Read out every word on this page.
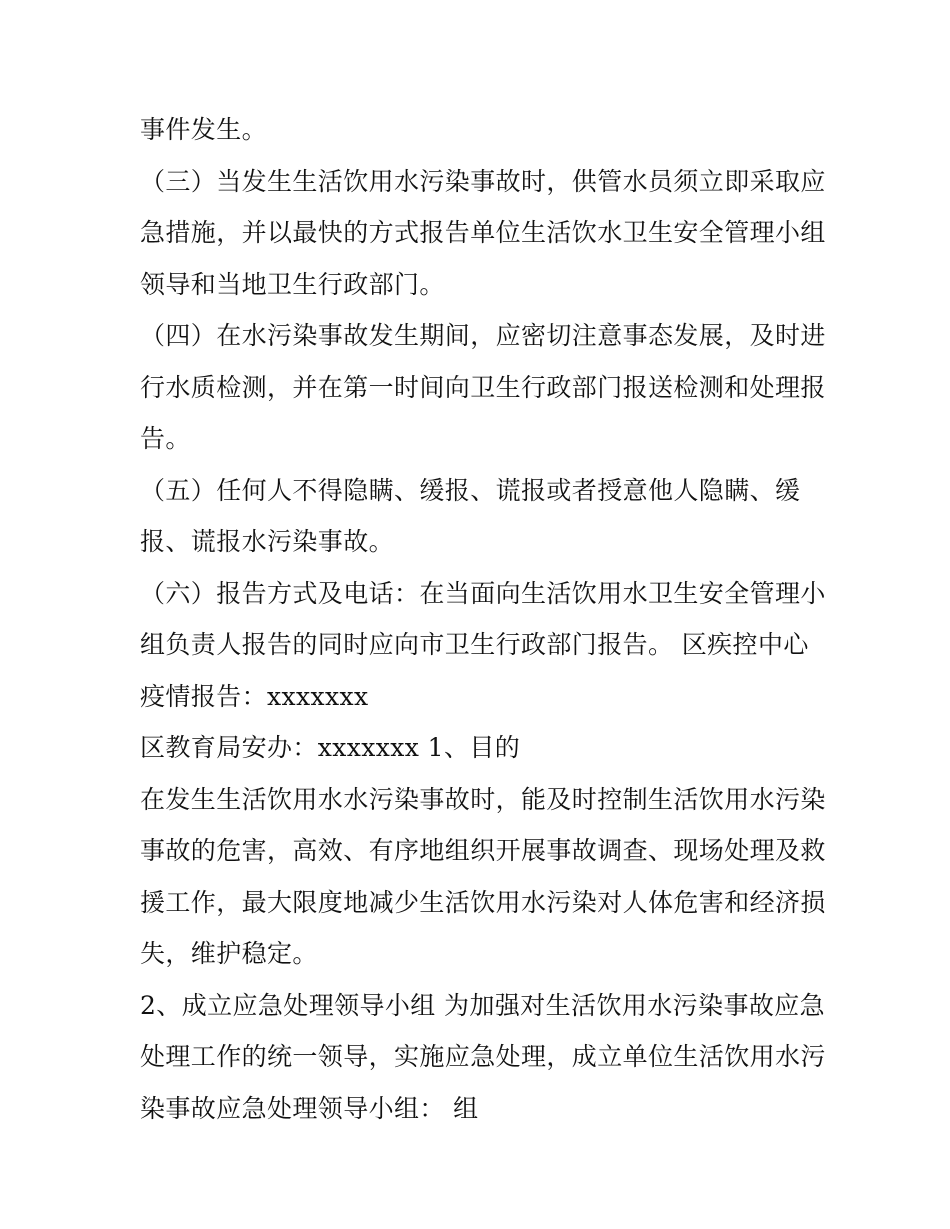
事件发生。
（三）当发生生活饮用水污染事故时，供管水员须立即采取应
急措施，并以最快的方式报告单位生活饮水卫生安全管理小组
领导和当地卫生行政部门。
（四）在水污染事故发生期间，应密切注意事态发展，及时进
行水质检测，并在第一时间向卫生行政部门报送检测和处理报
告。
（五）任何人不得隐瞒、缓报、谎报或者授意他人隐瞒、缓
报、谎报水污染事故。
（六）报告方式及电话：在当面向生活饮用水卫生安全管理小
组负责人报告的同时应向市卫生行政部门报告。 区疾控中心
疫情报告：xxxxxxx
区教育局安办：xxxxxxx 1、目的
在发生生活饮用水水污染事故时，能及时控制生活饮用水污染
事故的危害，高效、有序地组织开展事故调查、现场处理及救
援工作，最大限度地减少生活饮用水污染对人体危害和经济损
失，维护稳定。
2、成立应急处理领导小组 为加强对生活饮用水污染事故应急
处理工作的统一领导，实施应急处理，成立单位生活饮用水污
染事故应急处理领导小组： 组
